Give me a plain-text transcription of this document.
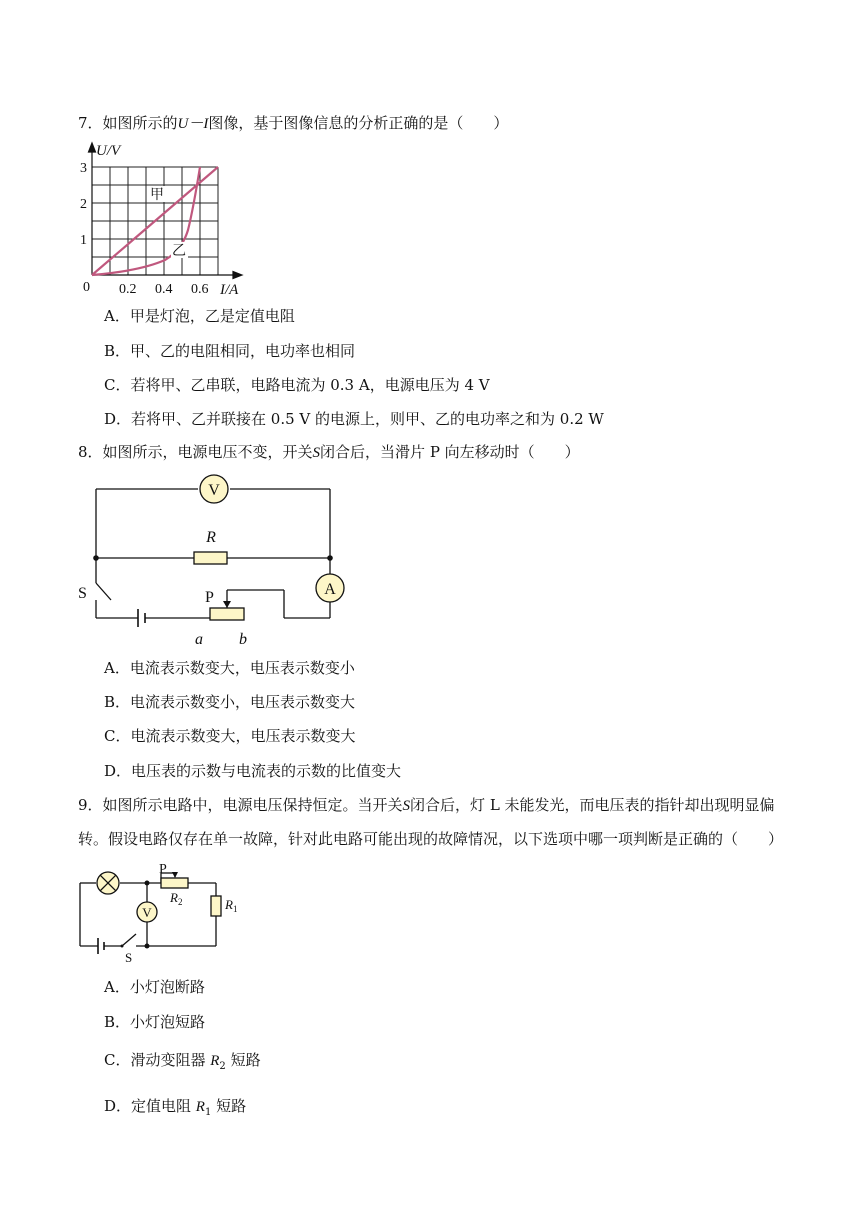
7．如图所示的U－I图像，基于图像信息的分析正确的是（　　）
0
1
2
3
0.2 0.4 0.6
U/V
I/A
甲
乙
A．甲是灯泡，乙是定值电阻
B．甲、乙的电阻相同，电功率也相同
C．若将甲、乙串联，电路电流为 0.3 A，电源电压为 4 V
D．若将甲、乙并联接在 0.5 V 的电源上，则甲、乙的电功率之和为 0.2 W
8．如图所示，电源电压不变，开关S闭合后，当滑片 P 向左移动时（　　）
V
A
R
S	P
a b
A．电流表示数变大，电压表示数变小
B．电流表示数变小，电压表示数变大
C．电流表示数变大，电压表示数变大
D．电压表的示数与电流表的示数的比值变大
9．如图所示电路中，电源电压保持恒定。当开关S闭合后，灯 L 未能发光，而电压表的指针却出现明显偏
转。假设电路仅存在单一故障，针对此电路可能出现的故障情况，以下选项中哪一项判断是正确的（　　）
V
P
$R_2$	$R_1$
S
A．小灯泡断路
B．小灯泡短路
C．滑动变阻器 $R_2$ 短路
D．定值电阻 $R_1$ 短路
